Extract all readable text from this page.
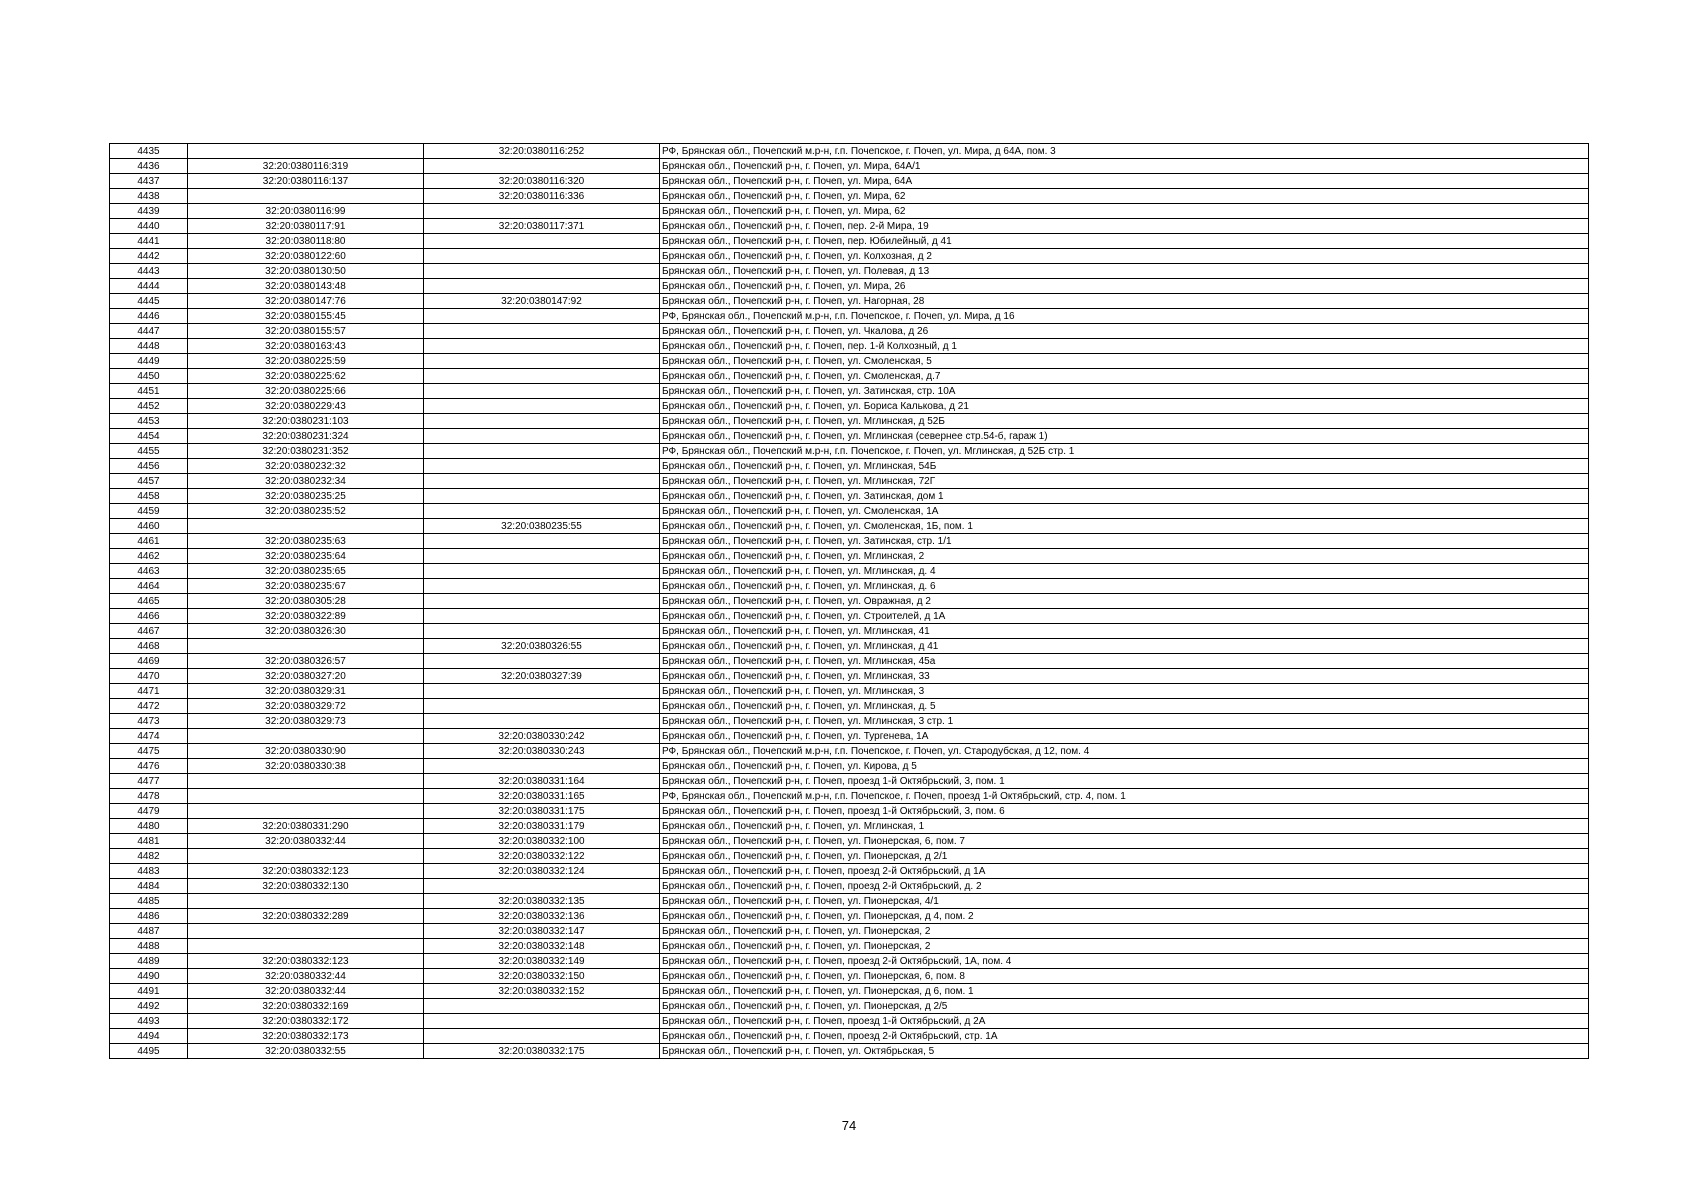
4435		32:20:0380116:252	РФ, Брянская обл., Почепский м.р-н, г.п. Почепское, г. Почеп, ул. Мира, д 64А, пом. 3
4436	32:20:0380116:319		Брянская обл., Почепский р-н, г. Почеп, ул. Мира, 64А/1
4437	32:20:0380116:137	32:20:0380116:320	Брянская обл., Почепский р-н, г. Почеп, ул. Мира, 64А
4438		32:20:0380116:336	Брянская обл., Почепский р-н, г. Почеп, ул. Мира, 62
4439	32:20:0380116:99		Брянская обл., Почепский р-н, г. Почеп, ул. Мира, 62
4440	32:20:0380117:91	32:20:0380117:371	Брянская обл., Почепский р-н, г. Почеп, пер. 2-й Мира, 19
4441	32:20:0380118:80		Брянская обл., Почепский р-н, г. Почеп, пер. Юбилейный, д 41
4442	32:20:0380122:60		Брянская обл., Почепский р-н, г. Почеп, ул. Колхозная, д 2
4443	32:20:0380130:50		Брянская обл., Почепский р-н, г. Почеп, ул. Полевая, д 13
4444	32:20:0380143:48		Брянская обл., Почепский р-н, г. Почеп, ул. Мира, 26
4445	32:20:0380147:76	32:20:0380147:92	Брянская обл., Почепский р-н, г. Почеп, ул. Нагорная, 28
4446	32:20:0380155:45		РФ, Брянская обл., Почепский м.р-н, г.п. Почепское, г. Почеп, ул. Мира, д 16
4447	32:20:0380155:57		Брянская обл., Почепский р-н, г. Почеп, ул. Чкалова, д 26
4448	32:20:0380163:43		Брянская обл., Почепский р-н, г. Почеп, пер. 1-й Колхозный, д 1
4449	32:20:0380225:59		Брянская обл., Почепский р-н, г. Почеп, ул. Смоленская, 5
4450	32:20:0380225:62		Брянская обл., Почепский р-н, г. Почеп, ул. Смоленская, д.7
4451	32:20:0380225:66		Брянская обл., Почепский р-н, г. Почеп, ул. Затинская, стр. 10А
4452	32:20:0380229:43		Брянская обл., Почепский р-н, г. Почеп, ул. Бориса Калькова, д 21
4453	32:20:0380231:103		Брянская обл., Почепский р-н, г. Почеп, ул. Мглинская, д 52Б
4454	32:20:0380231:324		Брянская обл., Почепский р-н, г. Почеп, ул. Мглинская (севернее стр.54-б, гараж 1)
4455	32:20:0380231:352		РФ, Брянская обл., Почепский м.р-н, г.п. Почепское, г. Почеп, ул. Мглинская, д 52Б стр. 1
4456	32:20:0380232:32		Брянская обл., Почепский р-н, г. Почеп, ул. Мглинская, 54Б
4457	32:20:0380232:34		Брянская обл., Почепский р-н, г. Почеп, ул. Мглинская, 72Г
4458	32:20:0380235:25		Брянская обл., Почепский р-н, г. Почеп, ул. Затинская, дом 1
4459	32:20:0380235:52		Брянская обл., Почепский р-н, г. Почеп, ул. Смоленская, 1А
4460		32:20:0380235:55	Брянская обл., Почепский р-н, г. Почеп, ул. Смоленская, 1Б, пом. 1
4461	32:20:0380235:63		Брянская обл., Почепский р-н, г. Почеп, ул. Затинская, стр. 1/1
4462	32:20:0380235:64		Брянская обл., Почепский р-н, г. Почеп, ул. Мглинская, 2
4463	32:20:0380235:65		Брянская обл., Почепский р-н, г. Почеп, ул. Мглинская, д. 4
4464	32:20:0380235:67		Брянская обл., Почепский р-н, г. Почеп, ул. Мглинская, д. 6
4465	32:20:0380305:28		Брянская обл., Почепский р-н, г. Почеп, ул. Овражная, д 2
4466	32:20:0380322:89		Брянская обл., Почепский р-н, г. Почеп, ул. Строителей, д 1А
4467	32:20:0380326:30		Брянская обл., Почепский р-н, г. Почеп, ул. Мглинская, 41
4468		32:20:0380326:55	Брянская обл., Почепский р-н, г. Почеп, ул. Мглинская, д 41
4469	32:20:0380326:57		Брянская обл., Почепский р-н, г. Почеп, ул. Мглинская, 45а
4470	32:20:0380327:20	32:20:0380327:39	Брянская обл., Почепский р-н, г. Почеп, ул. Мглинская, 33
4471	32:20:0380329:31		Брянская обл., Почепский р-н, г. Почеп, ул. Мглинская, 3
4472	32:20:0380329:72		Брянская обл., Почепский р-н, г. Почеп, ул. Мглинская, д. 5
4473	32:20:0380329:73		Брянская обл., Почепский р-н, г. Почеп, ул. Мглинская, 3 стр. 1
4474		32:20:0380330:242	Брянская обл., Почепский р-н, г. Почеп, ул. Тургенева, 1А
4475	32:20:0380330:90	32:20:0380330:243	РФ, Брянская обл., Почепский м.р-н, г.п. Почепское, г. Почеп, ул. Стародубская, д 12, пом. 4
4476	32:20:0380330:38		Брянская обл., Почепский р-н, г. Почеп, ул. Кирова, д 5
4477		32:20:0380331:164	Брянская обл., Почепский р-н, г. Почеп, проезд 1-й Октябрьский, 3, пом. 1
4478		32:20:0380331:165	РФ, Брянская обл., Почепский м.р-н, г.п. Почепское, г. Почеп, проезд 1-й Октябрьский, стр. 4, пом. 1
4479		32:20:0380331:175	Брянская обл., Почепский р-н, г. Почеп, проезд 1-й Октябрьский, 3, пом. 6
4480	32:20:0380331:290	32:20:0380331:179	Брянская обл., Почепский р-н, г. Почеп, ул. Мглинская, 1
4481	32:20:0380332:44	32:20:0380332:100	Брянская обл., Почепский р-н, г. Почеп, ул. Пионерская, 6, пом. 7
4482		32:20:0380332:122	Брянская обл., Почепский р-н, г. Почеп, ул. Пионерская, д 2/1
4483	32:20:0380332:123	32:20:0380332:124	Брянская обл., Почепский р-н, г. Почеп, проезд 2-й Октябрьский, д 1А
4484	32:20:0380332:130		Брянская обл., Почепский р-н, г. Почеп, проезд 2-й Октябрьский, д. 2
4485		32:20:0380332:135	Брянская обл., Почепский р-н, г. Почеп, ул. Пионерская, 4/1
4486	32:20:0380332:289	32:20:0380332:136	Брянская обл., Почепский р-н, г. Почеп, ул. Пионерская, д 4, пом. 2
4487		32:20:0380332:147	Брянская обл., Почепский р-н, г. Почеп, ул. Пионерская, 2
4488		32:20:0380332:148	Брянская обл., Почепский р-н, г. Почеп, ул. Пионерская, 2
4489	32:20:0380332:123	32:20:0380332:149	Брянская обл., Почепский р-н, г. Почеп, проезд 2-й Октябрьский, 1А, пом. 4
4490	32:20:0380332:44	32:20:0380332:150	Брянская обл., Почепский р-н, г. Почеп, ул. Пионерская, 6, пом. 8
4491	32:20:0380332:44	32:20:0380332:152	Брянская обл., Почепский р-н, г. Почеп, ул. Пионерская, д 6, пом. 1
4492	32:20:0380332:169		Брянская обл., Почепский р-н, г. Почеп, ул. Пионерская, д 2/5
4493	32:20:0380332:172		Брянская обл., Почепский р-н, г. Почеп, проезд 1-й Октябрьский, д 2А
4494	32:20:0380332:173		Брянская обл., Почепский р-н, г. Почеп, проезд 2-й Октябрьский, стр. 1А
4495	32:20:0380332:55	32:20:0380332:175	Брянская обл., Почепский р-н, г. Почеп, ул. Октябрьская, 5
74
